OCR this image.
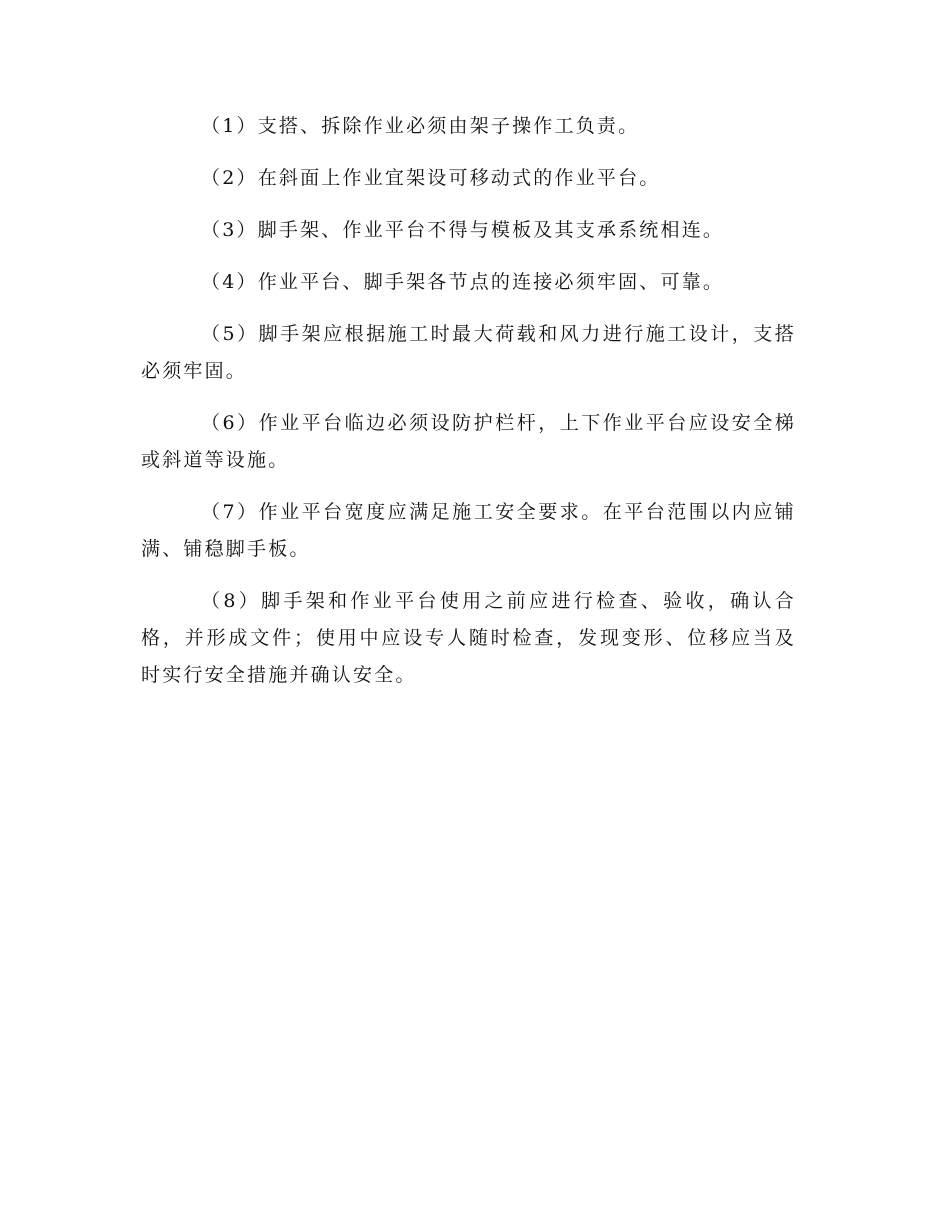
（1）支搭、拆除作业必须由架子操作工负责。

（2）在斜面上作业宜架设可移动式的作业平台。

（3）脚手架、作业平台不得与模板及其支承系统相连。

（4）作业平台、脚手架各节点的连接必须牢固、可靠。

（5）脚手架应根据施工时最大荷载和风力进行施工设计，支搭必须牢固。

（6）作业平台临边必须设防护栏杆，上下作业平台应设安全梯或斜道等设施。

（7）作业平台宽度应满足施工安全要求。在平台范围以内应铺满、铺稳脚手板。

（8）脚手架和作业平台使用之前应进行检查、验收，确认合格，并形成文件；使用中应设专人随时检查，发现变形、位移应当及时实行安全措施并确认安全。
